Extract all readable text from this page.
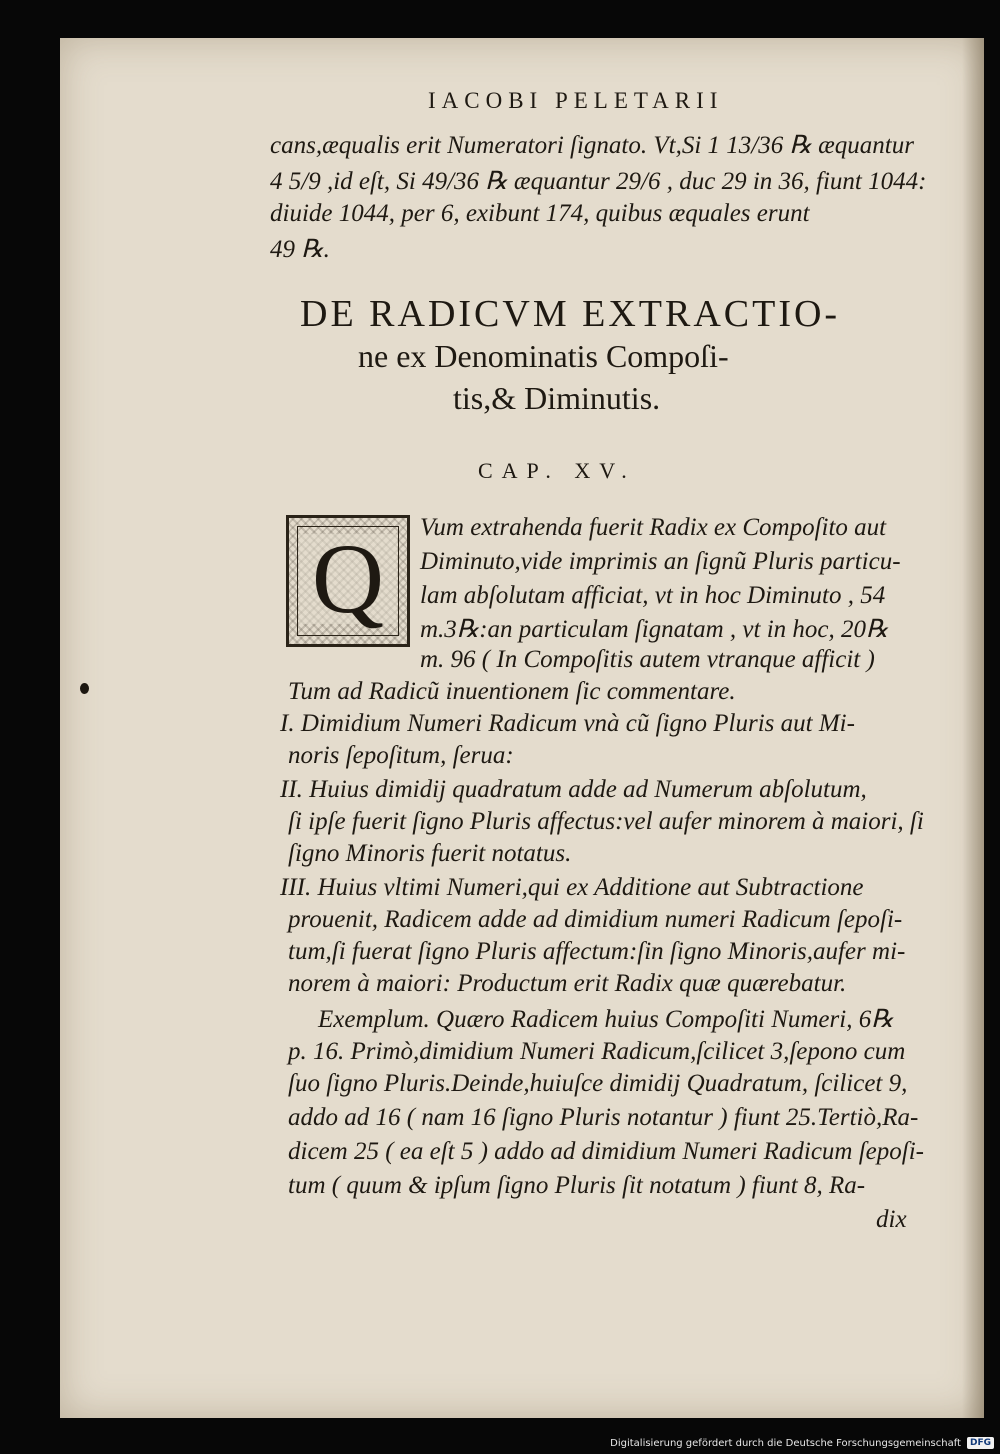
IACOBI PELETARII
cans,æqualis erit Numeratori ſignato. Vt,Si 1 13/36 ℞ æquantur
4 5/9 ,id eſt, Si 49/36 ℞ æquantur 29/6 , duc 29 in 36, fiunt 1044:
diuide 1044, per 6, exibunt 174, quibus æquales erunt
49 ℞.
DE RADICVM EXTRACTIO-
ne ex Denominatis Compoſi-
tis,& Diminutis.
CAP. XV.
Q	Vum extrahenda fuerit Radix ex Compoſito aut
Diminuto,vide imprimis an ſignũ Pluris particu-
lam abſolutam afficiat, vt in hoc Diminuto , 54
m.3℞:an particulam ſignatam , vt in hoc, 20℞
m. 96 ( In Compoſitis autem vtranque afficit )
Tum ad Radicũ inuentionem ſic commentare.
I. Dimidium Numeri Radicum vnà cũ ſigno Pluris aut Mi-
noris ſepoſitum, ſerua:
II. Huius dimidij quadratum adde ad Numerum abſolutum,
ſi ipſe fuerit ſigno Pluris affectus:vel aufer minorem à maiori, ſi
ſigno Minoris fuerit notatus.
III. Huius vltimi Numeri,qui ex Additione aut Subtractione
prouenit, Radicem adde ad dimidium numeri Radicum ſepoſi-
tum,ſi fuerat ſigno Pluris affectum:ſin ſigno Minoris,aufer mi-
norem à maiori: Productum erit Radix quæ quærebatur.
Exemplum. Quæro Radicem huius Compoſiti Numeri, 6℞
p. 16. Primò,dimidium Numeri Radicum,ſcilicet 3,ſepono cum
ſuo ſigno Pluris.Deinde,huiuſce dimidij Quadratum, ſcilicet 9,
addo ad 16 ( nam 16 ſigno Pluris notantur ) fiunt 25.Tertiò,Ra-
dicem 25 ( ea eſt 5 ) addo ad dimidium Numeri Radicum ſepoſi-
tum ( quum & ipſum ſigno Pluris ſit notatum ) fiunt 8, Ra-
dix
Digitalisierung gefördert durch die Deutsche Forschungsgemeinschaft	DFG
